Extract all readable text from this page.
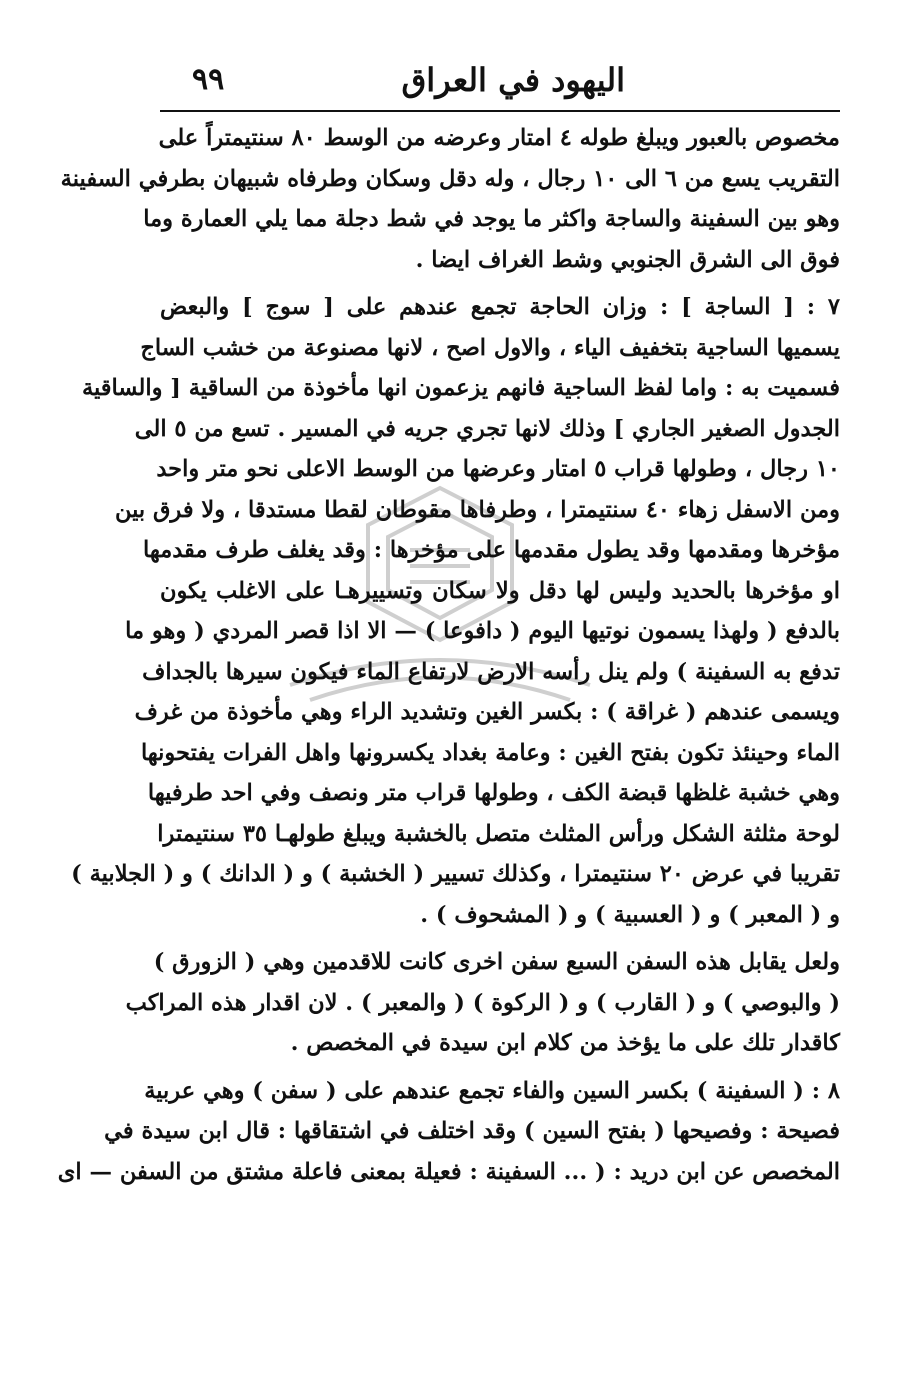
اليهود في العراق
٩٩
مخصوص بالعبور ويبلغ طوله ٤ امتار وعرضه من الوسط ٨٠ سنتيمتراً على
التقريب يسع من ٦ الى ١٠ رجال ، وله دقل وسكان وطرفاه شبيهان بطرفي السفينة
وهو بين السفينة والساجة واكثر ما يوجد في شط دجلة مما يلي العمارة وما
فوق الى الشرق الجنوبي وشط الغراف ايضا .
٧ : [ الساجة ] : وزان الحاجة تجمع عندهم على [ سوج ] والبعض
يسميها الساجية بتخفيف الياء ، والاول اصح ، لانها مصنوعة من خشب الساج
فسميت به : واما لفظ الساجية فانهم يزعمون انها مأخوذة من الساقية [ والساقية
الجدول الصغير الجاري ] وذلك لانها تجري جريه في المسير . تسع من ٥ الى
١٠ رجال ، وطولها قراب ٥ امتار وعرضها من الوسط الاعلى نحو متر واحد
ومن الاسفل زهاء ٤٠ سنتيمترا ، وطرفاها مقوطان لقطا مستدقا ، ولا فرق بين
مؤخرها ومقدمها وقد يطول مقدمها على مؤخرها : وقد يغلف طرف مقدمها
او مؤخرها بالحديد وليس لها دقل ولا سكان وتسييرهـا على الاغلب يكون
بالدفع ( ولهذا يسمون نوتيها اليوم ( دافوعا ) — الا اذا قصر المردي ( وهو ما
تدفع به السفينة ) ولم ينل رأسه الارض لارتفاع الماء فيكون سيرها بالجداف
ويسمى عندهم ( غراقة ) : بكسر الغين وتشديد الراء وهي مأخوذة من غرف
الماء وحينئذ تكون بفتح الغين : وعامة بغداد يكسرونها واهل الفرات يفتحونها
وهي خشبة غلظها قبضة الكف ، وطولها قراب متر ونصف وفي احد طرفيها
لوحة مثلثة الشكل ورأس المثلث متصل بالخشبة ويبلغ طولهـا ٣٥ سنتيمترا
تقريبا في عرض ٢٠ سنتيمترا ، وكذلك تسيير ( الخشبة ) و ( الدانك ) و ( الجلابية )
و ( المعبر ) و ( العسبية ) و ( المشحوف ) .
ولعل يقابل هذه السفن السبع سفن اخرى كانت للاقدمين وهي ( الزورق )
( والبوصي ) و ( القارب ) و ( الركوة ) ( والمعبر ) . لان اقدار هذه المراكب
كاقدار تلك على ما يؤخذ من كلام ابن سيدة في المخصص .
٨ : ( السفينة ) بكسر السين والفاء تجمع عندهم على ( سفن ) وهي عربية
فصيحة : وفصيحها ( بفتح السين ) وقد اختلف في اشتقاقها : قال ابن سيدة في
المخصص عن ابن دريد : ( ... السفينة : فعيلة بمعنى فاعلة مشتق من السفن — اى
